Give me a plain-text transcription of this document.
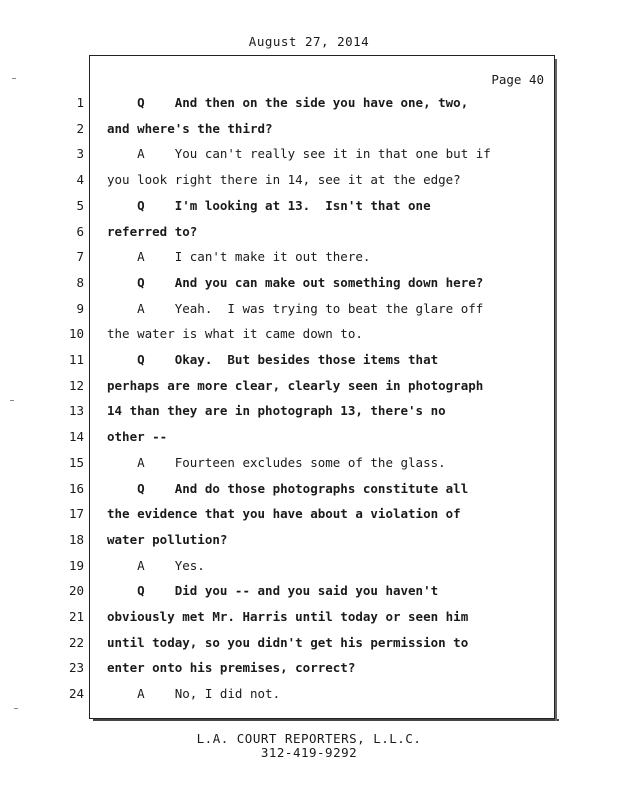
August 27, 2014
Page 40
1 Q    And then on the side you have one, two,
2 and where's the third?
3 A    You can't really see it in that one but if
4 you look right there in 14, see it at the edge?
5 Q    I'm looking at 13.  Isn't that one
6 referred to?
7 A    I can't make it out there.
8 Q    And you can make out something down here?
9 A    Yeah.  I was trying to beat the glare off
10 the water is what it came down to.
11 Q    Okay.  But besides those items that
12 perhaps are more clear, clearly seen in photograph
13 14 than they are in photograph 13, there's no
14 other --
15 A    Fourteen excludes some of the glass.
16 Q    And do those photographs constitute all
17 the evidence that you have about a violation of
18 water pollution?
19 A    Yes.
20 Q    Did you -- and you said you haven't
21 obviously met Mr. Harris until today or seen him
22 until today, so you didn't get his permission to
23 enter onto his premises, correct?
24 A    No, I did not.
L.A. COURT REPORTERS, L.L.C.
312-419-9292
